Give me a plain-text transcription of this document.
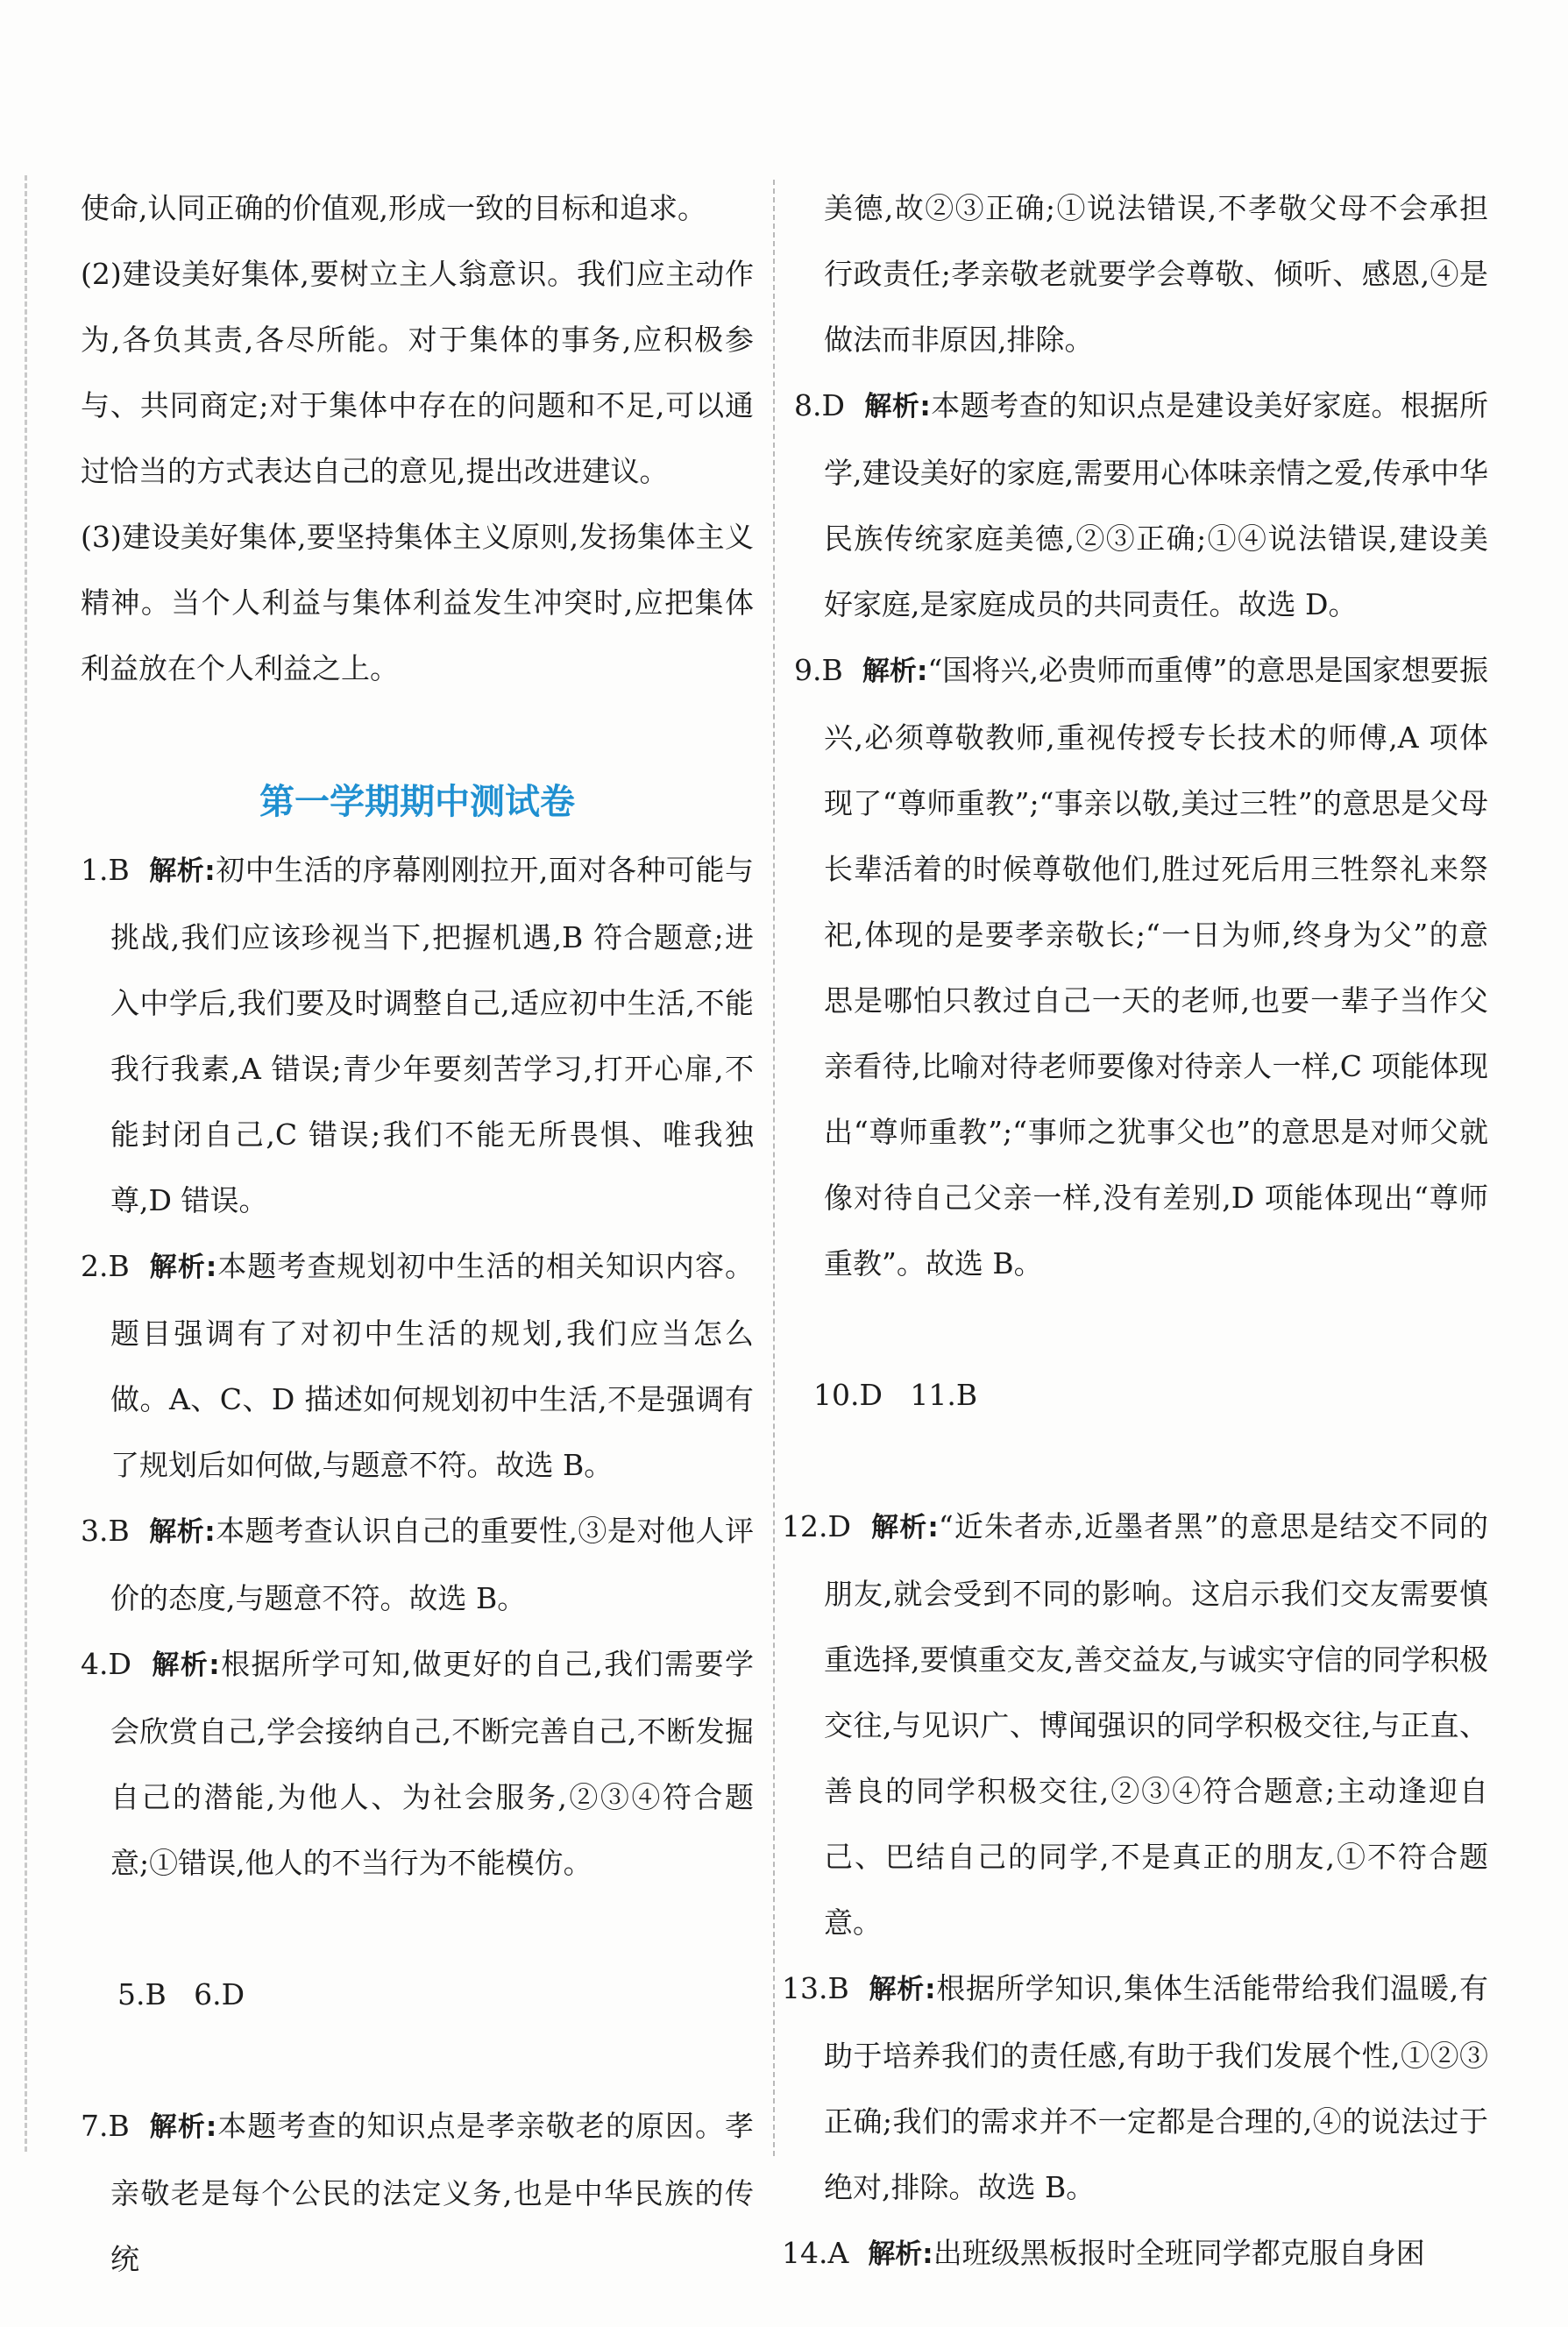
使命,认同正确的价值观,形成一致的目标和追求。

(2)建设美好集体,要树立主人翁意识。我们应主动作为,各负其责,各尽所能。对于集体的事务,应积极参与、共同商定;对于集体中存在的问题和不足,可以通过恰当的方式表达自己的意见,提出改进建议。

(3)建设美好集体,要坚持集体主义原则,发扬集体主义精神。当个人利益与集体利益发生冲突时,应把集体利益放在个人利益之上。

第一学期期中测试卷
1.B 解析:初中生活的序幕刚刚拉开,面对各种可能与挑战,我们应该珍视当下,把握机遇,B 符合题意;进入中学后,我们要及时调整自己,适应初中生活,不能我行我素,A 错误;青少年要刻苦学习,打开心扉,不能封闭自己,C 错误;我们不能无所畏惧、唯我独尊,D 错误。
2.B 解析:本题考查规划初中生活的相关知识内容。题目强调有了对初中生活的规划,我们应当怎么做。A、C、D 描述如何规划初中生活,不是强调有了规划后如何做,与题意不符。故选 B。
3.B 解析:本题考查认识自己的重要性,③是对他人评价的态度,与题意不符。故选 B。
4.D 解析:根据所学可知,做更好的自己,我们需要学会欣赏自己,学会接纳自己,不断完善自己,不断发掘自己的潜能,为他人、为社会服务,②③④符合题意;①错误,他人的不当行为不能模仿。

5.B   6.D

7.B 解析:本题考查的知识点是孝亲敬老的原因。孝亲敬老是每个公民的法定义务,也是中华民族的传统

美德,故②③正确;①说法错误,不孝敬父母不会承担行政责任;孝亲敬老就要学会尊敬、倾听、感恩,④是做法而非原因,排除。

8.D 解析:本题考查的知识点是建设美好家庭。根据所学,建设美好的家庭,需要用心体味亲情之爱,传承中华民族传统家庭美德,②③正确;①④说法错误,建设美好家庭,是家庭成员的共同责任。故选 D。
9.B 解析:“国将兴,必贵师而重傅”的意思是国家想要振兴,必须尊敬教师,重视传授专长技术的师傅,A 项体现了“尊师重教”;“事亲以敬,美过三牲”的意思是父母长辈活着的时候尊敬他们,胜过死后用三牲祭礼来祭祀,体现的是要孝亲敬长;“一日为师,终身为父”的意思是哪怕只教过自己一天的老师,也要一辈子当作父亲看待,比喻对待老师要像对待亲人一样,C 项能体现出“尊师重教”;“事师之犹事父也”的意思是对师父就像对待自己父亲一样,没有差别,D 项能体现出“尊师重教”。故选 B。

10.D   11.B

12.D 解析:“近朱者赤,近墨者黑”的意思是结交不同的朋友,就会受到不同的影响。这启示我们交友需要慎重选择,要慎重交友,善交益友,与诚实守信的同学积极交往,与见识广、博闻强识的同学积极交往,与正直、善良的同学积极交往,②③④符合题意;主动逢迎自己、巴结自己的同学,不是真正的朋友,①不符合题意。
13.B 解析:根据所学知识,集体生活能带给我们温暖,有助于培养我们的责任感,有助于我们发展个性,①②③正确;我们的需求并不一定都是合理的,④的说法过于绝对,排除。故选 B。
14.A 解析:出班级黑板报时全班同学都克服自身困
